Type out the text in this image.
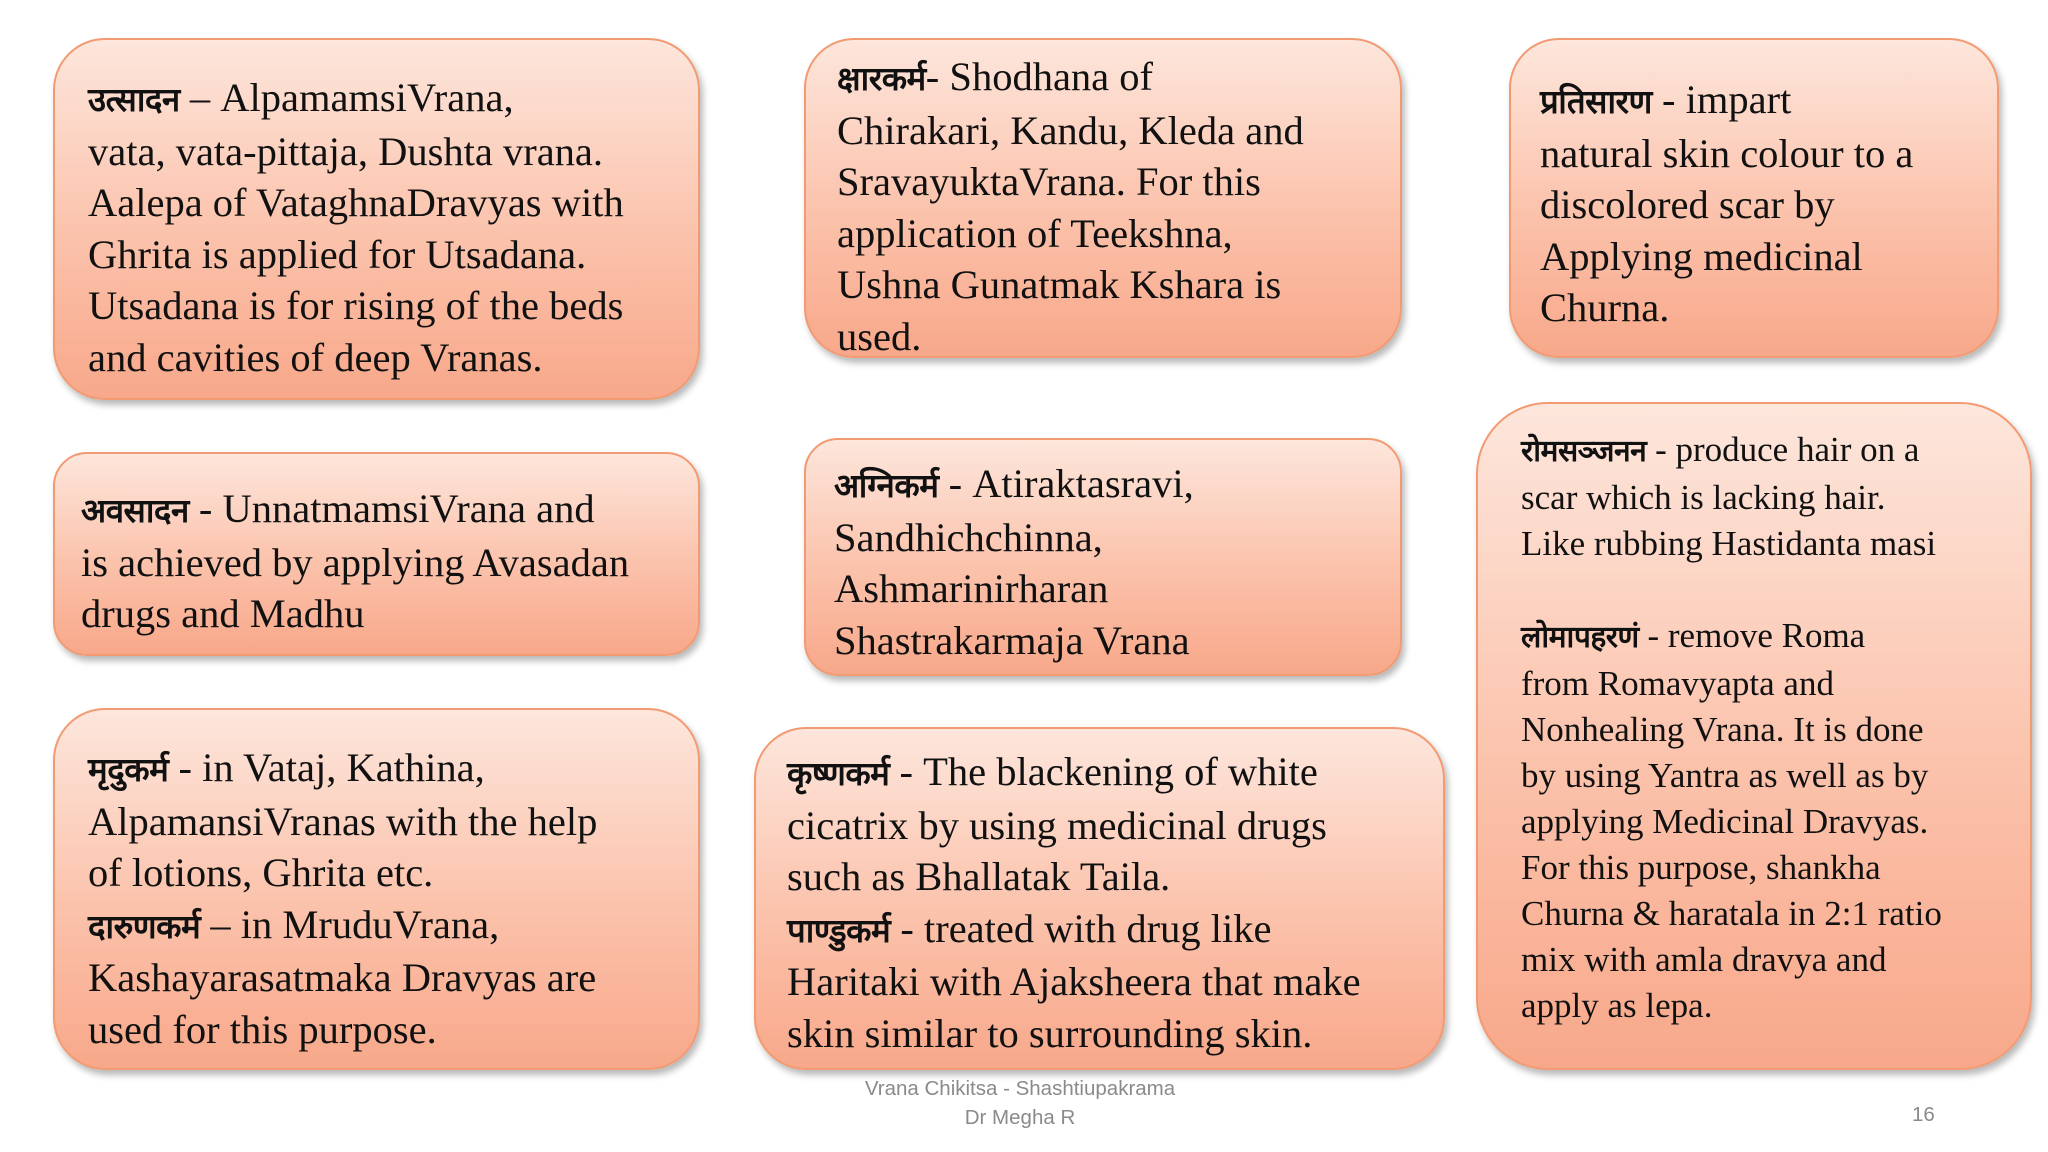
उत्सादन – AlpamamsiVrana,
vata, vata-pittaja, Dushta vrana.
Aalepa of VataghnaDravyas with
Ghrita is applied for Utsadana.
Utsadana is for rising of the beds
and cavities of deep Vranas.
क्षारकर्म- Shodhana of
Chirakari, Kandu, Kleda and
SravayuktaVrana. For this
application of Teekshna,
Ushna Gunatmak Kshara is
used.
प्रतिसारण - impart
natural skin colour to a
discolored scar by
Applying medicinal
Churna.
अवसादन - UnnatmamsiVrana and
is achieved by applying Avasadan
drugs and Madhu
अग्निकर्म - Atiraktasravi,
Sandhichchinna,
Ashmarinirharan
Shastrakarmaja Vrana
रोमसञ्जनन - produce hair on a
scar which is lacking hair.
Like rubbing Hastidanta masi
लोमापहरणं - remove Roma
from Romavyapta and
Nonhealing Vrana. It is done
by using Yantra as well as by
applying Medicinal Dravyas.
For this purpose, shankha
Churna & haratala in 2:1 ratio
mix with amla dravya and
apply as lepa.
मृदुकर्म - in Vataj, Kathina,
AlpamansiVranas with the help
of lotions, Ghrita etc.
दारुणकर्म – in MruduVrana,
Kashayarasatmaka Dravyas are
used for this purpose.
कृष्णकर्म - The blackening of white
cicatrix by using medicinal drugs
such as Bhallatak Taila.
पाण्डुकर्म - treated with drug like
Haritaki with Ajaksheera that make
skin similar to surrounding skin.
Vrana Chikitsa - Shashtiupakrama
Dr Megha R	16
